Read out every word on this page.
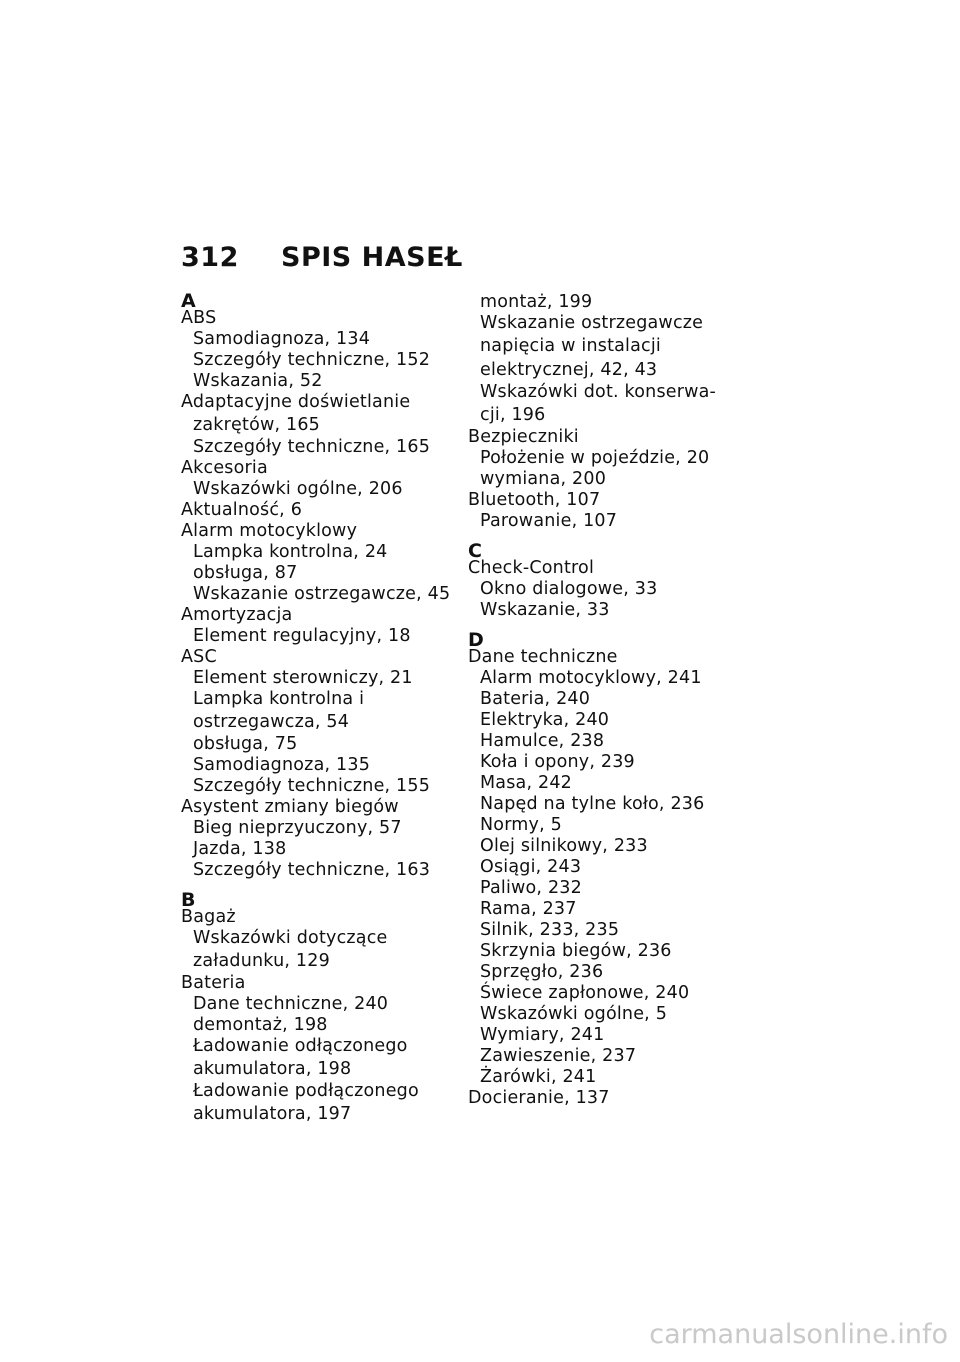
312 SPIS HASEŁ
A
ABS
Samodiagnoza, 134
Szczegóły techniczne, 152
Wskazania, 52
Adaptacyjne doświetlanie
zakrętów, 165
Szczegóły techniczne, 165
Akcesoria
Wskazówki ogólne, 206
Aktualność, 6
Alarm motocyklowy
Lampka kontrolna, 24
obsługa, 87
Wskazanie ostrzegawcze, 45
Amortyzacja
Element regulacyjny, 18
ASC
Element sterowniczy, 21
Lampka kontrolna i
ostrzegawcza, 54
obsługa, 75
Samodiagnoza, 135
Szczegóły techniczne, 155
Asystent zmiany biegów
Bieg nieprzyuczony, 57
Jazda, 138
Szczegóły techniczne, 163
B
Bagaż
Wskazówki dotyczące
załadunku, 129
Bateria
Dane techniczne, 240
demontaż, 198
Ładowanie odłączonego
akumulatora, 198
Ładowanie podłączonego
akumulatora, 197
montaż, 199
Wskazanie ostrzegawcze
napięcia w instalacji
elektrycznej, 42, 43
Wskazówki dot. konserwa-
cji, 196
Bezpieczniki
Położenie w pojeździe, 20
wymiana, 200
Bluetooth, 107
Parowanie, 107
C
Check-Control
Okno dialogowe, 33
Wskazanie, 33
D
Dane techniczne
Alarm motocyklowy, 241
Bateria, 240
Elektryka, 240
Hamulce, 238
Koła i opony, 239
Masa, 242
Napęd na tylne koło, 236
Normy, 5
Olej silnikowy, 233
Osiągi, 243
Paliwo, 232
Rama, 237
Silnik, 233, 235
Skrzynia biegów, 236
Sprzęgło, 236
Świece zapłonowe, 240
Wskazówki ogólne, 5
Wymiary, 241
Zawieszenie, 237
Żarówki, 241
Docieranie, 137
carmanualsonline.info
